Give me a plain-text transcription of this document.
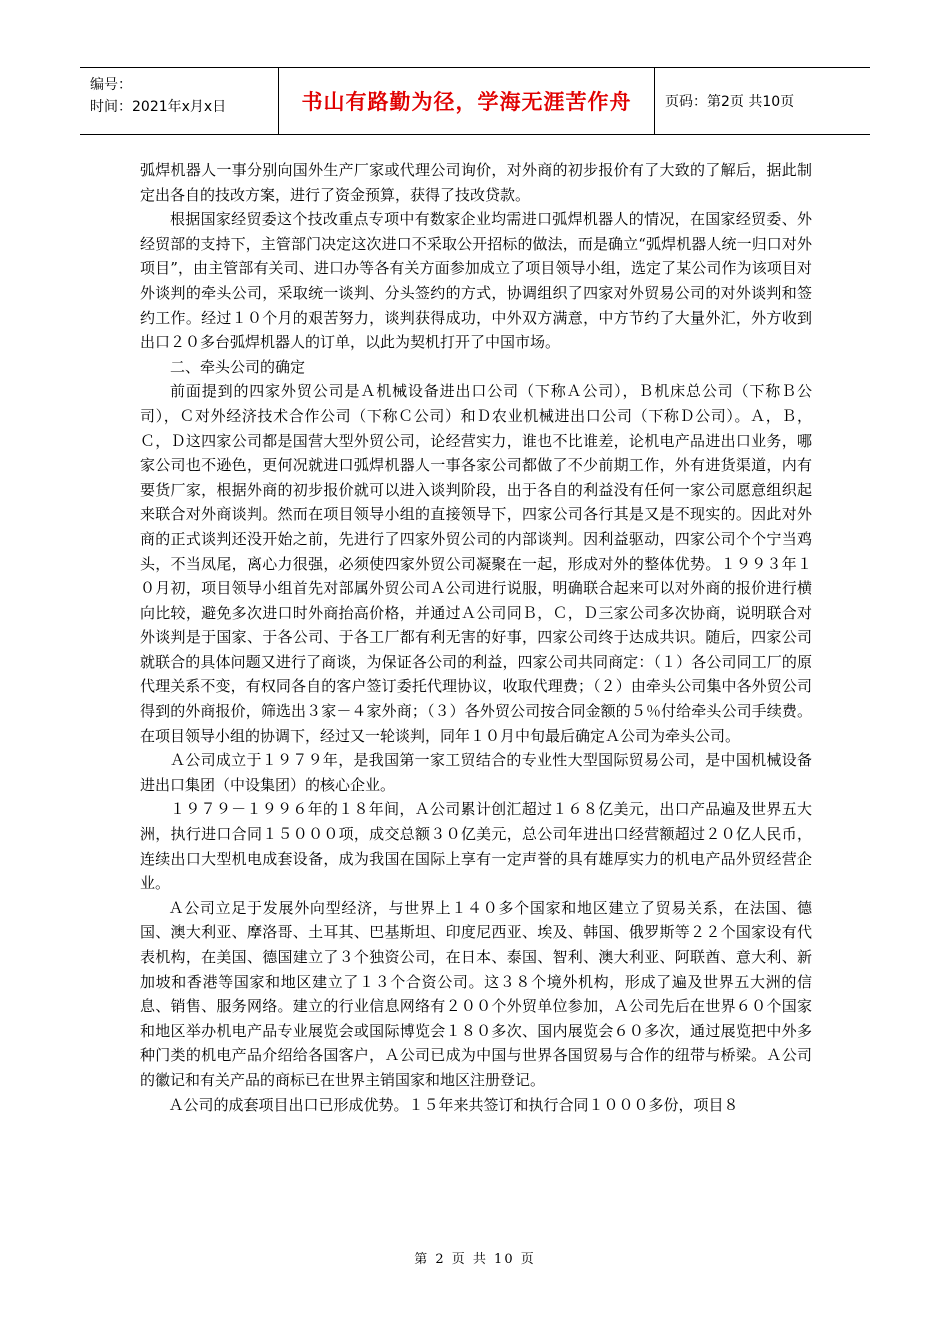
编号：
时间：2021年x月x日	书山有路勤为径，学海无涯苦作舟	页码：第2页 共10页

弧焊机器人一事分别向国外生产厂家或代理公司询价，对外商的初步报价有了大致的了解后，据此制定出各自的技改方案，进行了资金预算，获得了技改贷款。

根据国家经贸委这个技改重点专项中有数家企业均需进口弧焊机器人的情况，在国家经贸委、外经贸部的支持下，主管部门决定这次进口不采取公开招标的做法，而是确立“弧焊机器人统一归口对外项目”，由主管部有关司、进口办等各有关方面参加成立了项目领导小组，选定了某公司作为该项目对外谈判的牵头公司，采取统一谈判、分头签约的方式，协调组织了四家对外贸易公司的对外谈判和签约工作。经过１０个月的艰苦努力，谈判获得成功，中外双方满意，中方节约了大量外汇，外方收到出口２０多台弧焊机器人的订单，以此为契机打开了中国市场。

二、牵头公司的确定

前面提到的四家外贸公司是Ａ机械设备进出口公司（下称Ａ公司），Ｂ机床总公司（下称Ｂ公司），Ｃ对外经济技术合作公司（下称Ｃ公司）和Ｄ农业机械进出口公司（下称Ｄ公司）。Ａ，Ｂ，Ｃ，Ｄ这四家公司都是国营大型外贸公司，论经营实力，谁也不比谁差，论机电产品进出口业务，哪家公司也不逊色，更何况就进口弧焊机器人一事各家公司都做了不少前期工作，外有进货渠道，内有要货厂家，根据外商的初步报价就可以进入谈判阶段，出于各自的利益没有任何一家公司愿意组织起来联合对外商谈判。然而在项目领导小组的直接领导下，四家公司各行其是又是不现实的。因此对外商的正式谈判还没开始之前，先进行了四家外贸公司的内部谈判。因利益驱动，四家公司个个宁当鸡头，不当凤尾，离心力很强，必须使四家外贸公司凝聚在一起，形成对外的整体优势。１９９３年１０月初，项目领导小组首先对部属外贸公司Ａ公司进行说服，明确联合起来可以对外商的报价进行横向比较，避免多次进口时外商抬高价格，并通过Ａ公司同Ｂ，Ｃ，Ｄ三家公司多次协商，说明联合对外谈判是于国家、于各公司、于各工厂都有利无害的好事，四家公司终于达成共识。随后，四家公司就联合的具体问题又进行了商谈，为保证各公司的利益，四家公司共同商定：（１）各公司同工厂的原代理关系不变，有权同各自的客户签订委托代理协议，收取代理费；（２）由牵头公司集中各外贸公司得到的外商报价，筛选出３家－４家外商；（３）各外贸公司按合同金额的５％付给牵头公司手续费。在项目领导小组的协调下，经过又一轮谈判，同年１０月中旬最后确定Ａ公司为牵头公司。

Ａ公司成立于１９７９年，是我国第一家工贸结合的专业性大型国际贸易公司，是中国机械设备进出口集团（中设集团）的核心企业。

１９７９－１９９６年的１８年间，Ａ公司累计创汇超过１６８亿美元，出口产品遍及世界五大洲，执行进口合同１５０００项，成交总额３０亿美元，总公司年进出口经营额超过２０亿人民币，连续出口大型机电成套设备，成为我国在国际上享有一定声誉的具有雄厚实力的机电产品外贸经营企业。

Ａ公司立足于发展外向型经济，与世界上１４０多个国家和地区建立了贸易关系，在法国、德国、澳大利亚、摩洛哥、土耳其、巴基斯坦、印度尼西亚、埃及、韩国、俄罗斯等２２个国家设有代表机构，在美国、德国建立了３个独资公司，在日本、泰国、智利、澳大利亚、阿联酋、意大利、新加坡和香港等国家和地区建立了１３个合资公司。这３８个境外机构，形成了遍及世界五大洲的信息、销售、服务网络。建立的行业信息网络有２００个外贸单位参加，Ａ公司先后在世界６０个国家和地区举办机电产品专业展览会或国际博览会１８０多次、国内展览会６０多次，通过展览把中外多种门类的机电产品介绍给各国客户，Ａ公司已成为中国与世界各国贸易与合作的纽带与桥梁。Ａ公司的徽记和有关产品的商标已在世界主销国家和地区注册登记。

Ａ公司的成套项目出口已形成优势。１５年来共签订和执行合同１０００多份，项目８

第 2 页 共 10 页
